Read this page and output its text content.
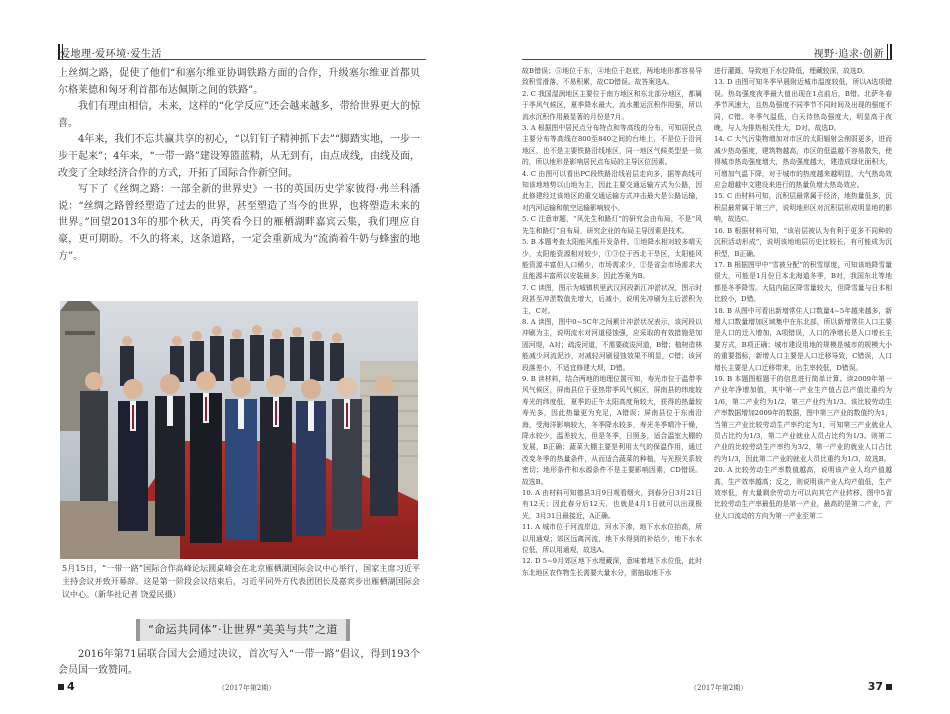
爱地理·爱环境·爱生活

上丝绸之路，促使了他们“和塞尔维亚协调铁路方面的合作，升级塞尔维亚首都贝尔格莱德和匈牙利首都布达佩斯之间的铁路”。

我们有理由相信，未来，这样的“化学反应”还会越来越多，带给世界更大的惊喜。

4年来，我们不忘共赢共享的初心，“以钉钉子精神抓下去”“脚踏实地，一步一步干起来”；4年来，“一带一路”建设筹篮蓝精，从无到有，由点成线，由线及面，改变了全球经济合作的方式，开拓了国际合作新空间。

写下了《丝绸之路：一部全新的世界史》一书的英国历史学家彼得·弗兰科潘说：“丝绸之路曾经塑造了过去的世界，甚至塑造了当今的世界，也将塑造未来的世界。”回望2013年的那个秋天，再笑看今日的雁栖湖畔嘉宾云集，我们理应自豪，更可期盼。不久的将来，这条道路，一定会重新成为“流淌着牛奶与蜂蜜的地方”。

5月15日，“一带一路”国际合作高峰论坛圆桌峰会在北京雁栖湖国际会议中心举行，国家主席习近平主持会议并致开幕辞。这是第一阶段会议结束后，习近平同外方代表团团长及嘉宾步出雁栖湖国际会议中心。（新华社记者 饶爱民摄）
“命运共同体”·让世界“美美与共”之道

2016年第71届联合国大会通过决议，首次写入“一带一路”倡议，得到193个会员国一致赞同。

4	（2017年第2期）
视野·追求·创新

故B错误；⑤地位于东，④地位于赵底，两地地形都容易导致积雪滑落，不易积累，故CD错误。故答案选A。

2. C 我国湿润地区主要位于南方地区和东北部分地区，都属于季风气候区，夏季降水最大，流水搬运沉积作用强，所以流水沉积作用最显著的月份是7月。

3. A 根据图中居民点分布特点和等高线的分布，可知居民点主要分布等高线在800至840之间的台地上，不是位于沿河地区，也不是主要铁路沿线地区，同一地区气候类型是一致的，所以地形是影响居民点布局的主导区位因素。

4. C 由图可以看出PC段铁路沿线岩层走向多，据等高线可知该地地势以山地为主，因此主要交通运输方式为公路，因此修建经过该地区的重交通运输方式冲击最大是公路运输，对内河运输和航空运输影响较小。

5. C 注意审题，“风先生和路灯”的研究会由布局，不是“风先生和路灯”自布局，研究企业的布局主导因素是技术。

5. B 本题考查太阳能风能开发条件。①地降水相对较多晴天少，太阳能资源相对较少，①③位于西北干旱区，太阳能风能资源丰富但人口稀少，市场需求少，②是省会市场需求大且能源丰富所以安装最多，因此答案为B。

7. C 读图，图示为城镇机里武汉河段新江冲淤状况，图示时段甚至冲淤数值先增大，后减小，说明先冲刷为主后淤积为主，C对。

8. A 读图，图中0~5C年之间累计冲淤状况表示，该河段以冲刷为主，说明流水对河道侵蚀强，应采取的有效措施是加固河堤，A对；疏浚河道，不需要疏浚河道，B错；植树造林能减少河流泥沙，对减轻河刷侵蚀效果不明显，C错；该河段落差小，不适宜修建大坝，D错。

9. B 读材料，结合两地的地理位置可知，寿光市位于温带季风气候区，屏南县位于亚热带季风气候区，屏南县的纬度较寿光的纬度低，夏季的正午太阳高度角较大，获得的热量较寿光多，因此热量更为充足，A错误；屏南县位于东南沿海，受海洋影响较大，冬季降水较多，寿光冬季晴冷干燥，降水较少，温差较大，但是冬季，日照多，适合温室大棚的发展，B正确；蔬菜大棚主要是利用太气的保温作用，通过改变冬季的热量条件，从而适合蔬菜的种植，与光照关系较密切；地形条件和水源条件不是主要影响因素，CD错误。故选B。

10. A 由材料可知德县3月9日观看烟火，到春分日3月21日有12天；因此春分后12天，也就是4月1日就可以出现极光，3月31日最接近，A正确。

11. A 城市位于河流岸边，河水下渗，地下水水位抬高，所以用通观；郊区远离河流，地下水得到的补给少，地下水水位低，所以用通观，故选A。

12. D 5~9月郊区地下水埋藏深，意味着地下水位低，此时东北地区农作物生长需要大量水分，需抽取地下水

进行灌溉，导致地下水位降低，埋藏较深，故选D。

13. D 由图可知冬季早晨附近城市温度较低，所以A选项错误。热岛强度夜季最大值出现在1点前后，B错。北萨冬春季节风速大，且热岛强度不同季节不同时间及出现的强度不同，C错。冬季气温低，白天待热岛强度大，明显高于夜晚，与人为排热相关性大，D对。故选D。

14. C 大气污染物增加对市区的太阳辐射会削弱更多，进而减少热岛强度，建筑物越高，市区的低温越不容易散失，使得城市热岛强度增大，热岛强度越大，建造成绿化面积大，可增加气温下降，对于城市的热度越来越明显，大气热岛效应会超越中文建设来进行的热量负增大热岛效应。

15. C 由材料可知，沉积层最常属于经济，地热量低多，沉积层最常属于第三产，说明地形区对沉积层形成明显地的影响，故选C。

16. B 根据材料可知，“该岩层被认为有利于更多不同种的沉积活动形成”，说明该地地层历史比较长，有可能成为沉积型，B正确。

17. B 根据图甲中“雪被分配”的积雪厚度，可知该地降雪量很大，可能是1月份日本北海道冬季，B对，我国东北等地都是冬季降雪。大陆内陆区降雪量较大，但降雪量与日本相比较小，D错。

18. B 从图中可看出新增常住人口数量4~5年越来越多，新增人口数量增加区域集中在东北部，所以新增常住人口主要是人口的迁入增加，A项错误，人口的净增长是人口增长主要方式，B项正确；城市建设用地的规模是城市的规模大小的重要指标，新增人口主要是人口迁移导致，C错误，人口增长主要是人口迁移带来，出生率较低，D错误。

19. B 本题图框题干的信息进行简单计算。读2009年第一产业年净增加值，其中第一产业生产值占总产值比重约为1/6，第二产业约为1/2，第三产业约为1/3。该比较劳动生产率数据增加2009年的数据，图中第三产业的数值约为1，当第三产业比较劳动生产率约定为1，可知第三产业就业人员占比约为1/3，第二产业就业人员占比约为1/3。则第二产业的比较劳动生产率约为3/2，第一产业的就业人口占比约为1/3，因此第二产业的就业人员比重约为1/3，故选B。

20. A 比较劳动生产率数值越高，说明该产业人均产值越高，生产效率越高；反之，则说明该产业人均产值低，生产效率低，有大量剩余劳动力可以向其它产业转移。图中5省比较劳动生产率最低的是第一产业，最高的是第二产业，产业人口流动的方向为第一产业至第二

（2017年第2期）	37
